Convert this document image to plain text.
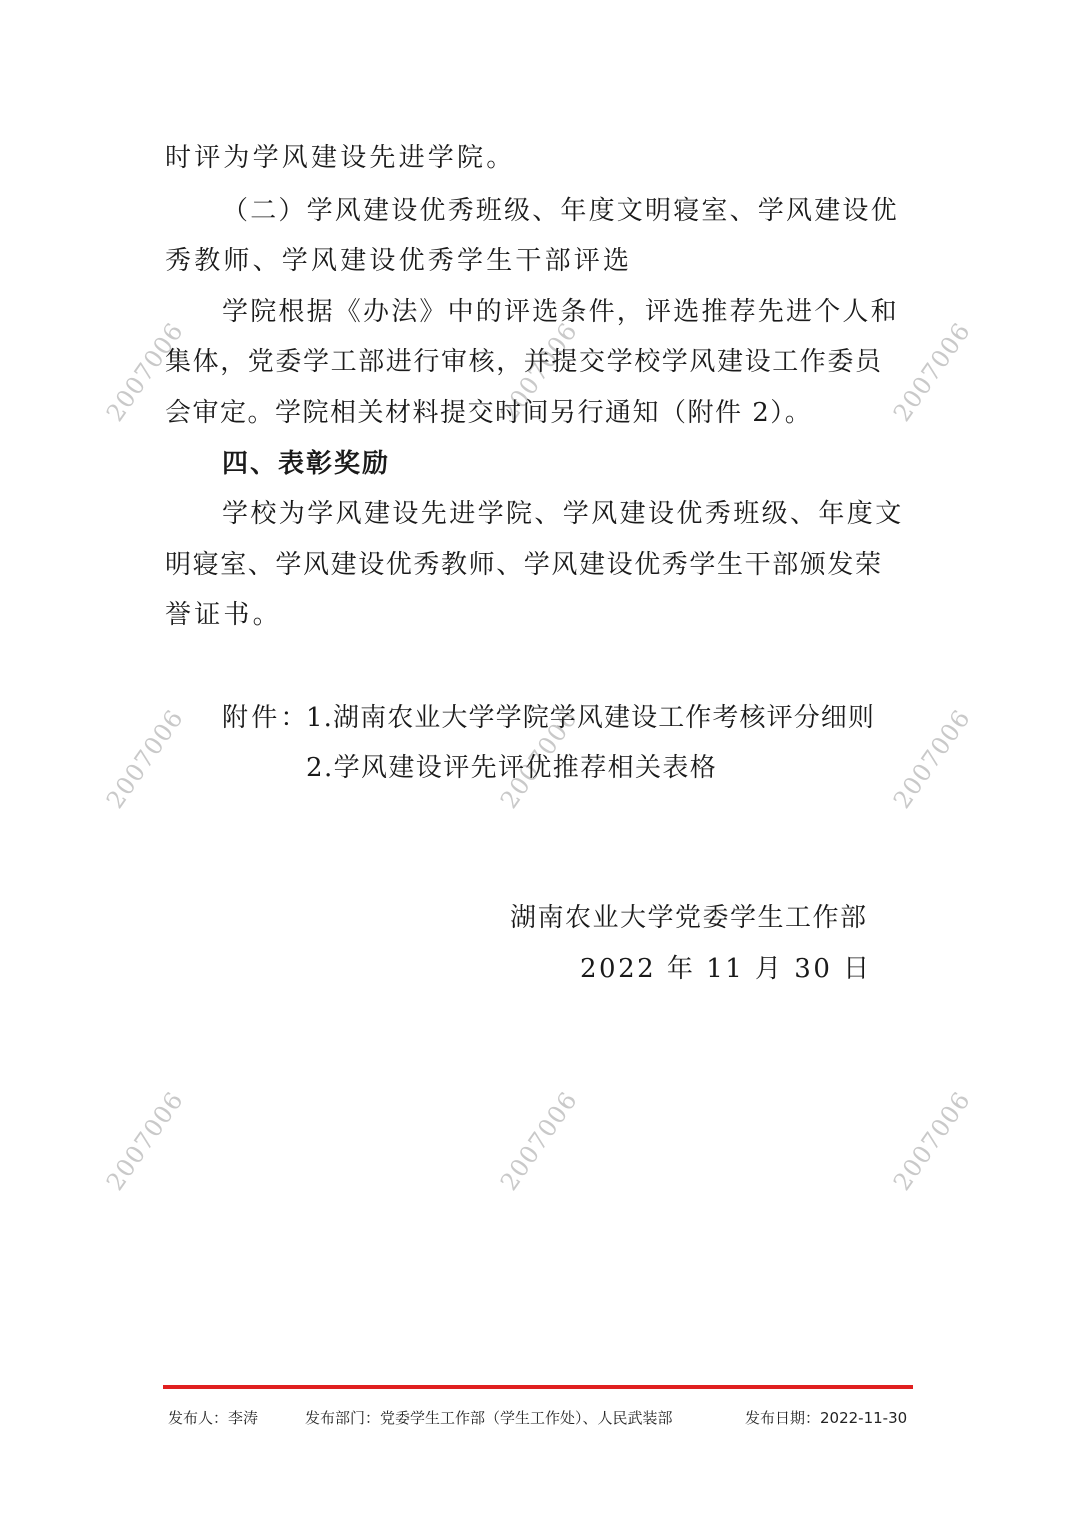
2007006	2007006	2007006
2007006	2007006	2007006
2007006	2007006	2007006
时评为学风建设先进学院。
（二）学风建设优秀班级、年度文明寝室、学风建设优
秀教师、学风建设优秀学生干部评选
学院根据《办法》中的评选条件，评选推荐先进个人和
集体，党委学工部进行审核，并提交学校学风建设工作委员
会审定。学院相关材料提交时间另行通知（附件 2）。
四、表彰奖励
学校为学风建设先进学院、学风建设优秀班级、年度文
明寝室、学风建设优秀教师、学风建设优秀学生干部颁发荣
誉证书。
附件：
1.湖南农业大学学院学风建设工作考核评分细则
2.学风建设评先评优推荐相关表格
湖南农业大学党委学生工作部
2022 年 11 月 30 日
发布人：李涛	发布部门：党委学生工作部（学生工作处）、人民武装部	发布日期：2022-11-30
